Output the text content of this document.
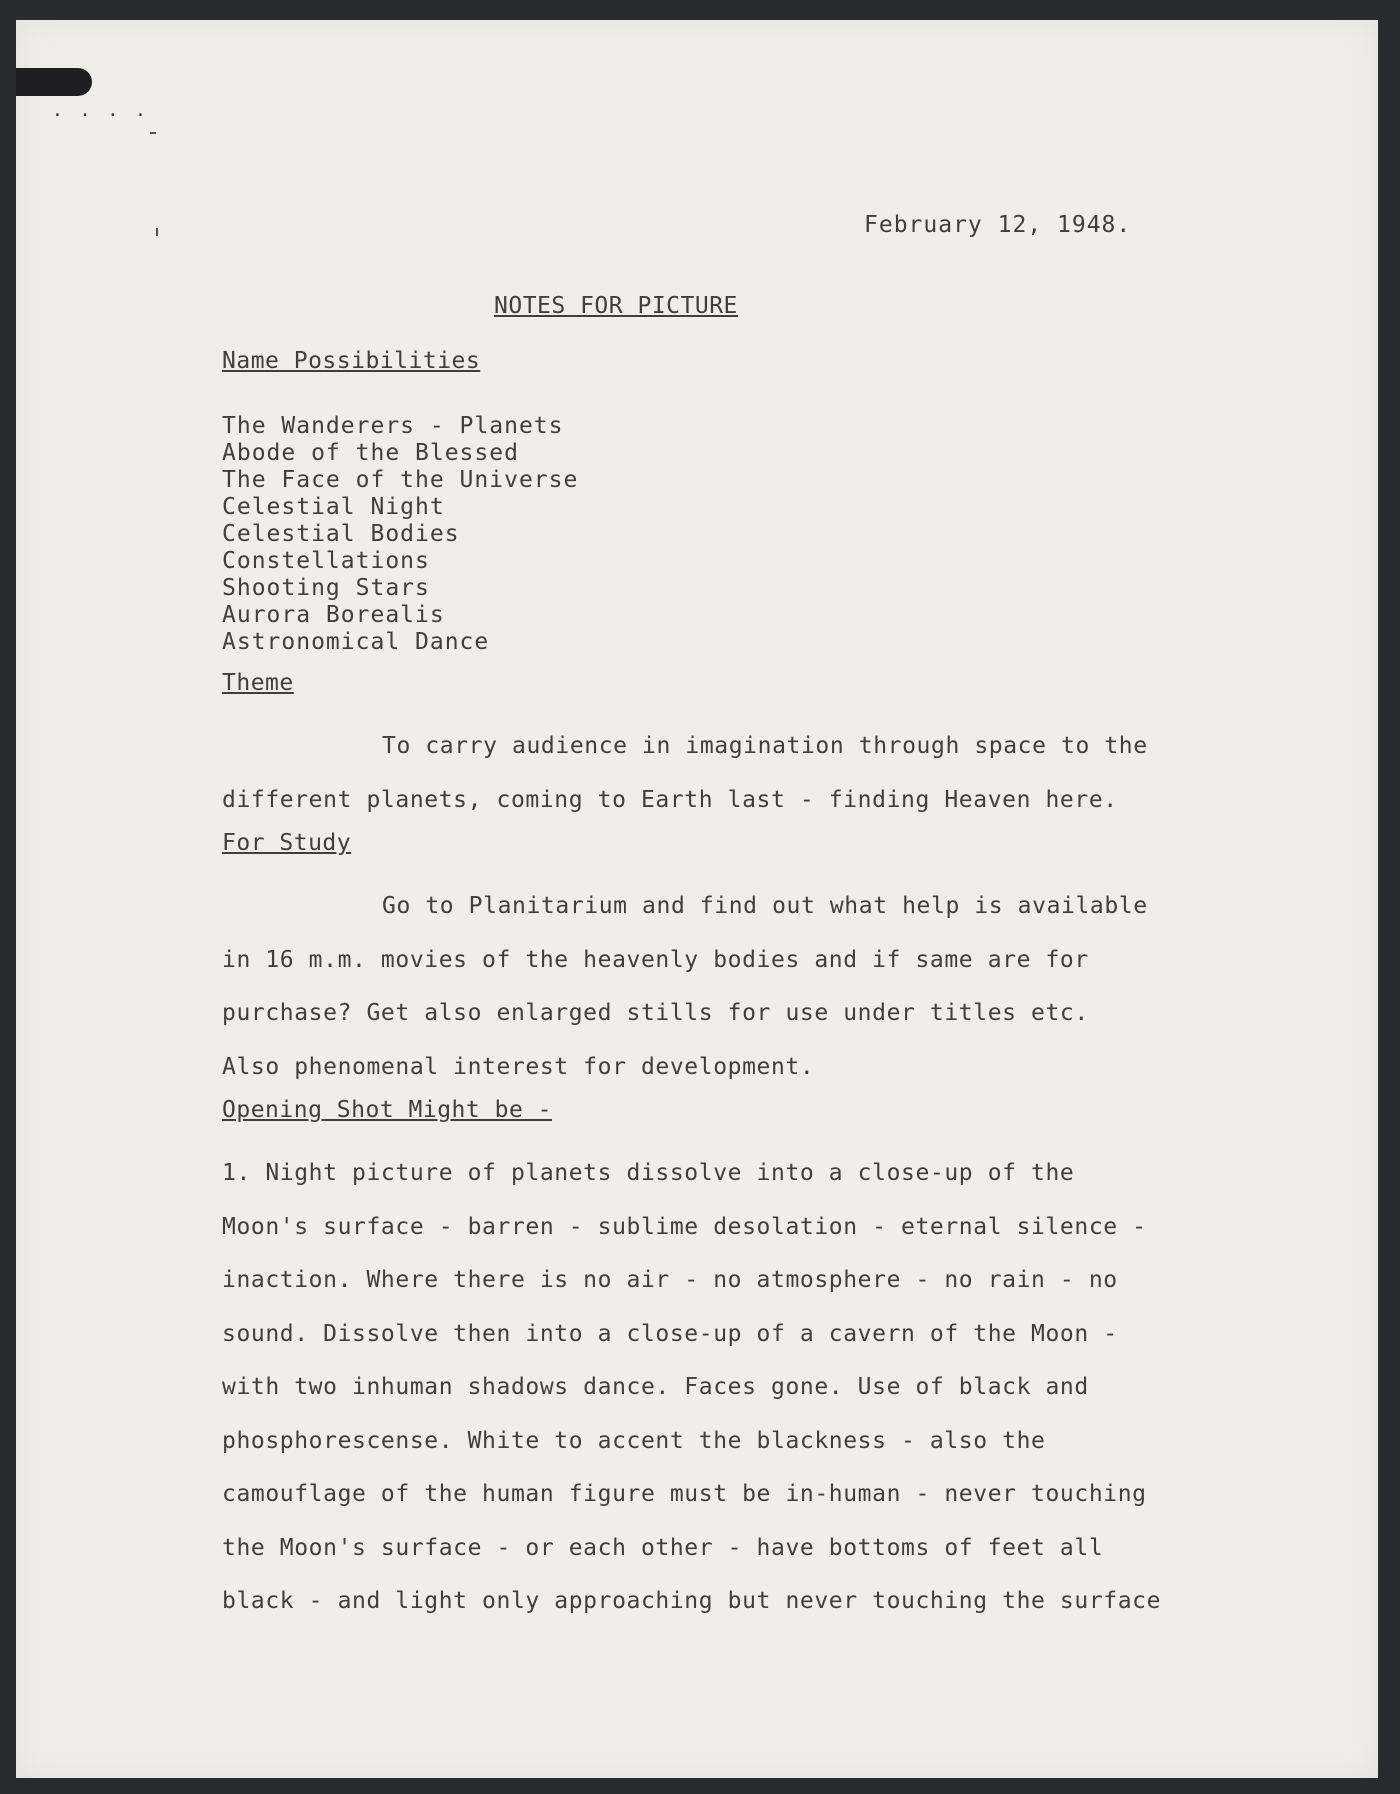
. . . .
February 12, 1948.
NOTES FOR PICTURE
Name Possibilities
The Wanderers - Planets
Abode of the Blessed
The Face of the Universe
Celestial Night
Celestial Bodies
Constellations
Shooting Stars
Aurora Borealis
Astronomical Dance
Theme
To carry audience in imagination through space to the
different planets, coming to Earth last - finding Heaven here.
For Study
Go to Planitarium and find out what help is available
in 16 m.m. movies of the heavenly bodies and if same are for
purchase? Get also enlarged stills for use under titles etc.
Also phenomenal interest for development.
Opening Shot Might be -
1. Night picture of planets dissolve into a close-up of the
Moon's surface - barren - sublime desolation - eternal silence -
inaction. Where there is no air - no atmosphere - no rain - no
sound. Dissolve then into a close-up of a cavern of the Moon -
with two inhuman shadows dance. Faces gone. Use of black and
phosphorescense. White to accent the blackness - also the
camouflage of the human figure must be in-human - never touching
the Moon's surface - or each other - have bottoms of feet all
black - and light only approaching but never touching the surface
